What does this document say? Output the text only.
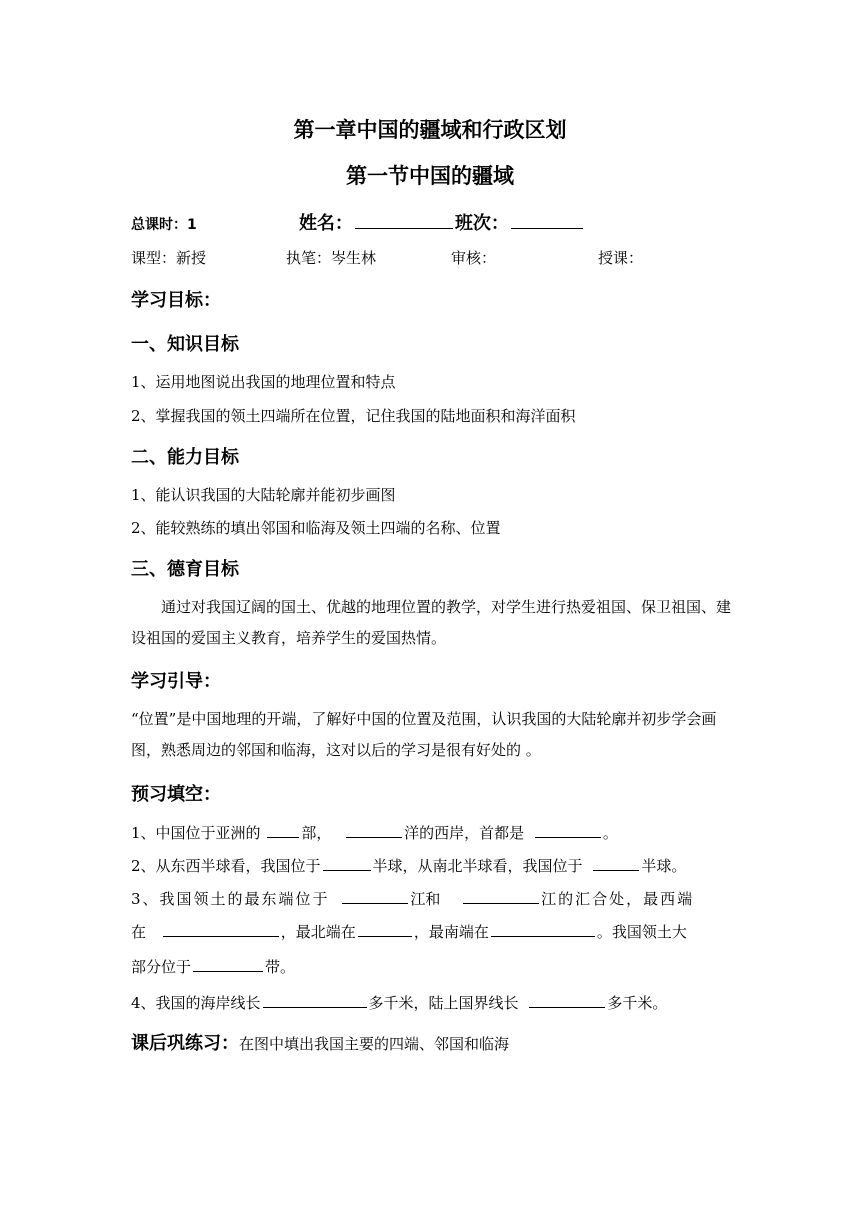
第一章中国的疆域和行政区划
第一节中国的疆域
总课时：1	姓名：	班次：
课型：新授	执笔：岑生林	审核：	授课：
学习目标：
一、知识目标
1、运用地图说出我国的地理位置和特点
2、掌握我国的领土四端所在位置，记住我国的陆地面积和海洋面积
二、能力目标
1、能认识我国的大陆轮廓并能初步画图
2、能较熟练的填出邻国和临海及领土四端的名称、位置
三、德育目标
通过对我国辽阔的国土、优越的地理位置的教学，对学生进行热爱祖国、保卫祖国、建设祖国的爱国主义教育，培养学生的爱国热情。
学习引导：
“位置”是中国地理的开端，了解好中国的位置及范围，认识我国的大陆轮廓并初步学会画图，熟悉周边的邻国和临海，这对以后的学习是很有好处的 。
预习填空：
1、中国位于亚洲的	部，	洋的西岸，首都是	。
2、从东西半球看，我国位于	半球，从南北半球看，我国位于	半球。
3、我国领土的最东端位于	江和	江的汇合处，最西端
在	，最北端在	，最南端在	。我国领土大
部分位于	带。
4、我国的海岸线长	多千米，陆上国界线长	多千米。
课后巩练习：在图中填出我国主要的四端、邻国和临海
